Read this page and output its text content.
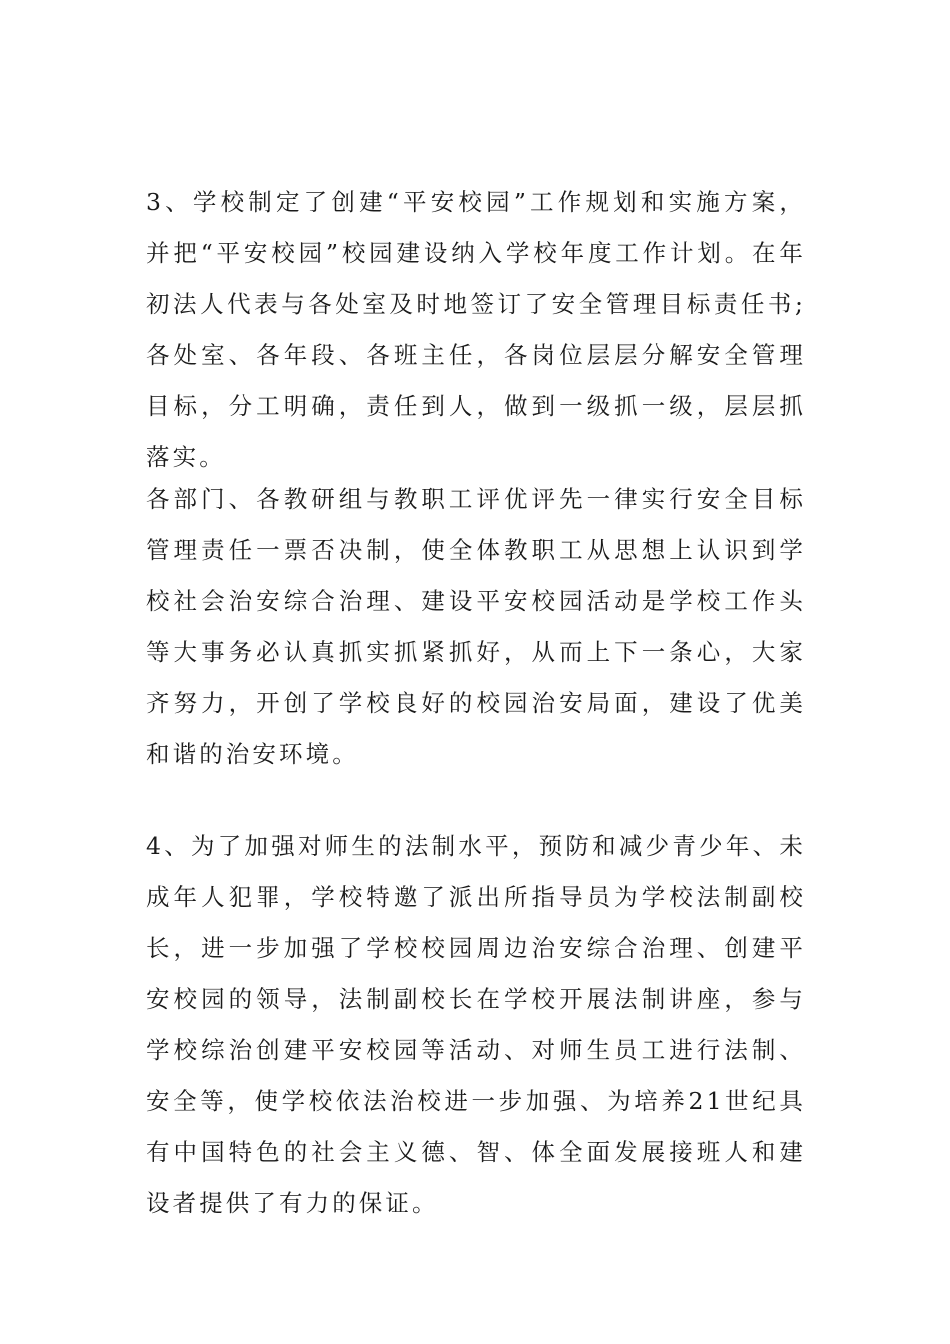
3、学校制定了创建“平安校园”工作规划和实施方案，并把“平安校园”校园建设纳入学校年度工作计划。在年初法人代表与各处室及时地签订了安全管理目标责任书;各处室、各年段、各班主任，各岗位层层分解安全管理目标，分工明确，责任到人，做到一级抓一级，层层抓落实。

各部门、各教研组与教职工评优评先一律实行安全目标管理责任一票否决制，使全体教职工从思想上认识到学校社会治安综合治理、建设平安校园活动是学校工作头等大事务必认真抓实抓紧抓好，从而上下一条心，大家齐努力，开创了学校良好的校园治安局面，建设了优美和谐的治安环境。

4、为了加强对师生的法制水平，预防和减少青少年、未成年人犯罪，学校特邀了派出所指导员为学校法制副校长，进一步加强了学校校园周边治安综合治理、创建平安校园的领导，法制副校长在学校开展法制讲座，参与学校综治创建平安校园等活动、对师生员工进行法制、安全等，使学校依法治校进一步加强、为培养21世纪具有中国特色的社会主义德、智、体全面发展接班人和建设者提供了有力的保证。
